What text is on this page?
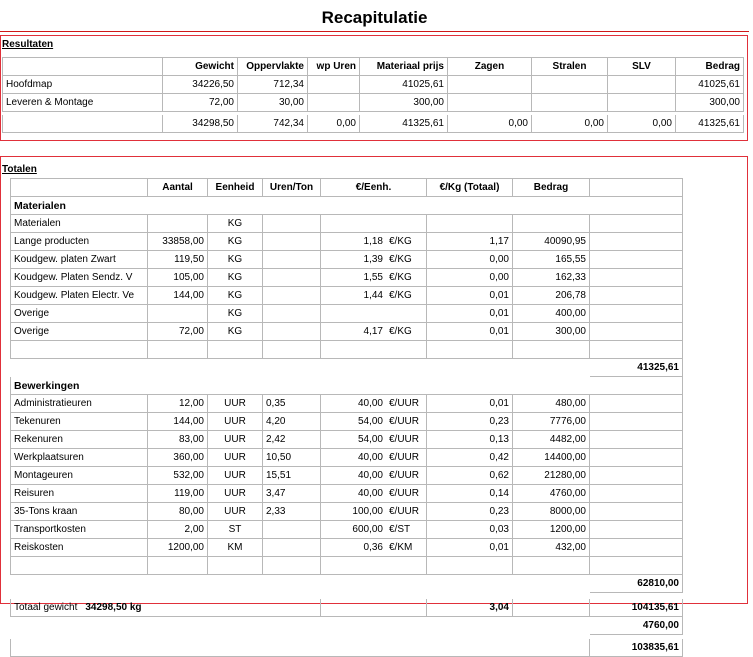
Recapitulatie
Resultaten
	Gewicht	Oppervlakte	wp Uren	Materiaal prijs	Zagen	Stralen	SLV	Bedrag
Hoofdmap	34226,50	712,34		41025,61				41025,61
Leveren & Montage	72,00	30,00		300,00				300,00

	34298,50	742,34	0,00	41325,61	0,00	0,00	0,00	41325,61
Totalen
	Aantal	Eenheid	Uren/Ton	€/Eenh.	€/Kg (Totaal)	Bedrag	
Materialen							
Materialen		KG					
Lange producten	33858,00	KG		1,18 €/KG	1,17	40090,95	
Koudgew. platen Zwart	119,50	KG		1,39 €/KG	0,00	165,55	
Koudgew. Platen Sendz. V	105,00	KG		1,55 €/KG	0,00	162,33	
Koudgew. Platen Electr. Ve	144,00	KG		1,44 €/KG	0,01	206,78	
Overige		KG			0,01	400,00	
Overige	72,00	KG		4,17 €/KG	0,01	300,00	

							41325,61
Bewerkingen							
Administratieuren	12,00	UUR	0,35	40,00 €/UUR	0,01	480,00	
Tekenuren	144,00	UUR	4,20	54,00 €/UUR	0,23	7776,00	
Rekenuren	83,00	UUR	2,42	54,00 €/UUR	0,13	4482,00	
Werkplaatsuren	360,00	UUR	10,50	40,00 €/UUR	0,42	14400,00	
Montageuren	532,00	UUR	15,51	40,00 €/UUR	0,62	21280,00	
Reisuren	119,00	UUR	3,47	40,00 €/UUR	0,14	4760,00	
35-Tons kraan	80,00	UUR	2,33	100,00 €/UUR	0,23	8000,00	
Transportkosten	2,00	ST		600,00 €/ST	0,03	1200,00	
Reiskosten	1200,00	KM		0,36 €/KM	0,01	432,00	

							62810,00

Totaal gewicht 34298,50 kg					3,04		104135,61
							4760,00

							103835,61
